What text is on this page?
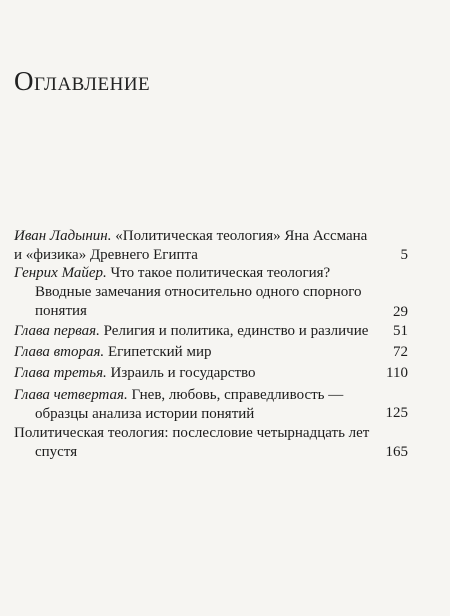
Оглавление
Иван Ладынин. «Политическая теология» Яна Ассмана
и «физика» Древнего Египта	5
Генрих Майер. Что такое политическая теология?
Вводные замечания относительно одного спорного
понятия	29
Глава первая. Религия и политика, единство и различие	51
Глава вторая. Египетский мир	72
Глава третья. Израиль и государство	110
Глава четвертая. Гнев, любовь, справедливость —
образцы анализа истории понятий	125
Политическая теология: послесловие четырнадцать лет
спустя	165
